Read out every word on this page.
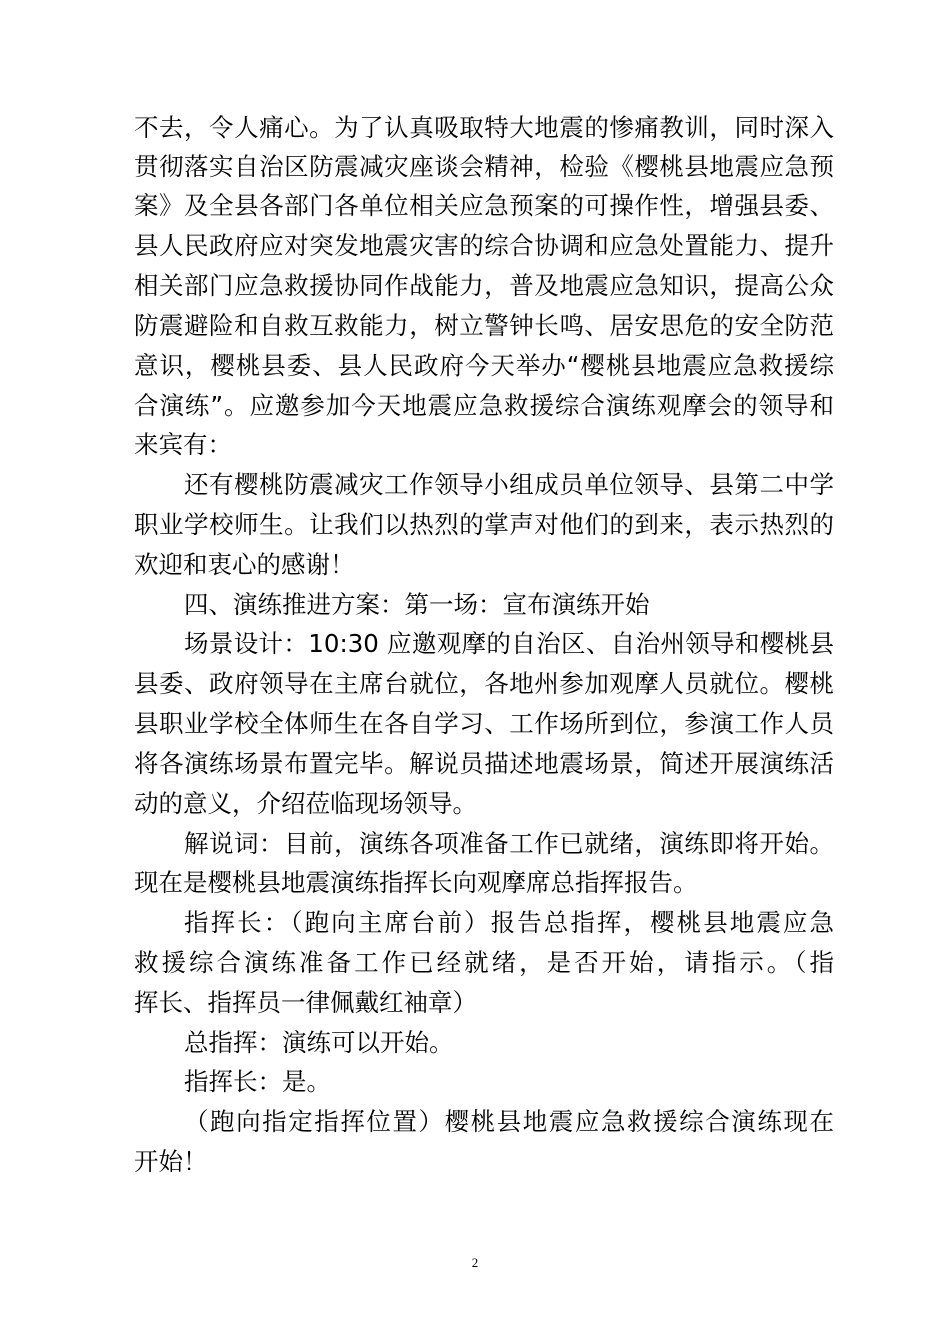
不去，令人痛心。为了认真吸取特大地震的惨痛教训，同时深入
贯彻落实自治区防震减灾座谈会精神，检验《樱桃县地震应急预
案》及全县各部门各单位相关应急预案的可操作性，增强县委、
县人民政府应对突发地震灾害的综合协调和应急处置能力、提升
相关部门应急救援协同作战能力，普及地震应急知识，提高公众
防震避险和自救互救能力，树立警钟长鸣、居安思危的安全防范
意识，樱桃县委、县人民政府今天举办“樱桃县地震应急救援综
合演练”。应邀参加今天地震应急救援综合演练观摩会的领导和
来宾有：
还有樱桃防震减灾工作领导小组成员单位领导、县第二中学
职业学校师生。让我们以热烈的掌声对他们的到来，表示热烈的
欢迎和衷心的感谢！
四、演练推进方案：第一场：宣布演练开始
场景设计：10:30 应邀观摩的自治区、自治州领导和樱桃县
县委、政府领导在主席台就位，各地州参加观摩人员就位。樱桃
县职业学校全体师生在各自学习、工作场所到位，参演工作人员
将各演练场景布置完毕。解说员描述地震场景，简述开展演练活
动的意义，介绍莅临现场领导。
解说词：目前，演练各项准备工作已就绪，演练即将开始。
现在是樱桃县地震演练指挥长向观摩席总指挥报告。
指挥长：（跑向主席台前）报告总指挥，樱桃县地震应急
救援综合演练准备工作已经就绪，是否开始，请指示。（指
挥长、指挥员一律佩戴红袖章）
总指挥：演练可以开始。
指挥长：是。
（跑向指定指挥位置）樱桃县地震应急救援综合演练现在
开始！
2
